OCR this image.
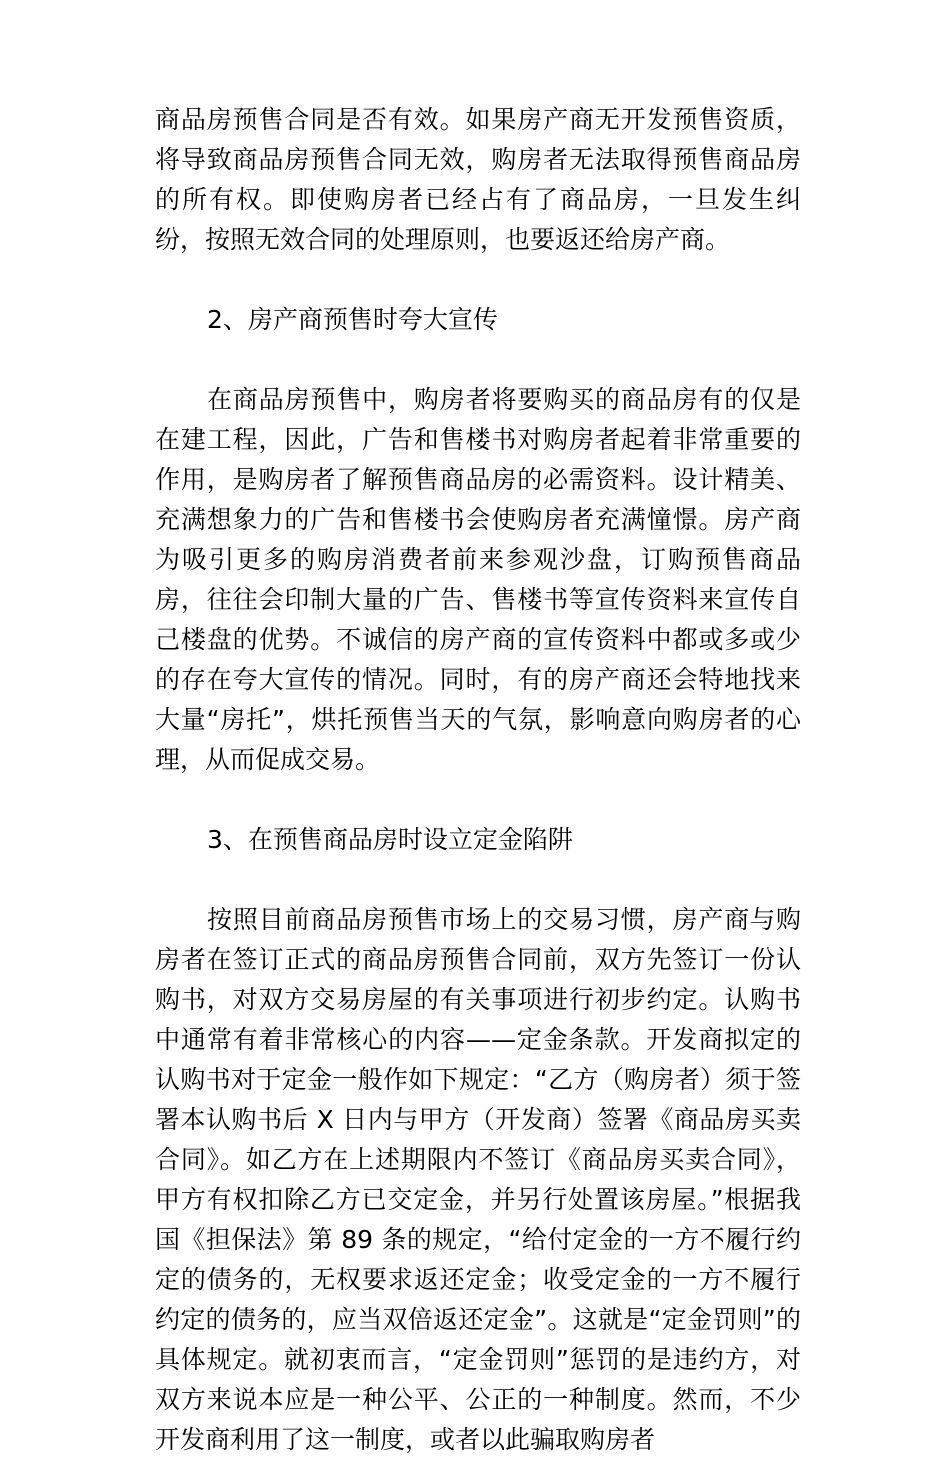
商品房预售合同是否有效。如果房产商无开发预售资质，将导致商品房预售合同无效，购房者无法取得预售商品房的所有权。即使购房者已经占有了商品房，一旦发生纠纷，按照无效合同的处理原则，也要返还给房产商。

2、房产商预售时夸大宣传

在商品房预售中，购房者将要购买的商品房有的仅是在建工程，因此，广告和售楼书对购房者起着非常重要的作用，是购房者了解预售商品房的必需资料。设计精美、充满想象力的广告和售楼书会使购房者充满憧憬。房产商为吸引更多的购房消费者前来参观沙盘，订购预售商品房，往往会印制大量的广告、售楼书等宣传资料来宣传自己楼盘的优势。不诚信的房产商的宣传资料中都或多或少的存在夸大宣传的情况。同时，有的房产商还会特地找来大量“房托”，烘托预售当天的气氛，影响意向购房者的心理，从而促成交易。

3、在预售商品房时设立定金陷阱

按照目前商品房预售市场上的交易习惯，房产商与购房者在签订正式的商品房预售合同前，双方先签订一份认购书，对双方交易房屋的有关事项进行初步约定。认购书中通常有着非常核心的内容——定金条款。开发商拟定的认购书对于定金一般作如下规定：“乙方（购房者）须于签署本认购书后 X 日内与甲方（开发商）签署《商品房买卖合同》。如乙方在上述期限内不签订《商品房买卖合同》，甲方有权扣除乙方已交定金，并另行处置该房屋。”根据我国《担保法》第 89 条的规定，“给付定金的一方不履行约定的债务的，无权要求返还定金；收受定金的一方不履行约定的债务的，应当双倍返还定金”。这就是“定金罚则”的具体规定。就初衷而言，“定金罚则”惩罚的是违约方，对双方来说本应是一种公平、公正的一种制度。然而，不少开发商利用了这一制度，或者以此骗取购房者
